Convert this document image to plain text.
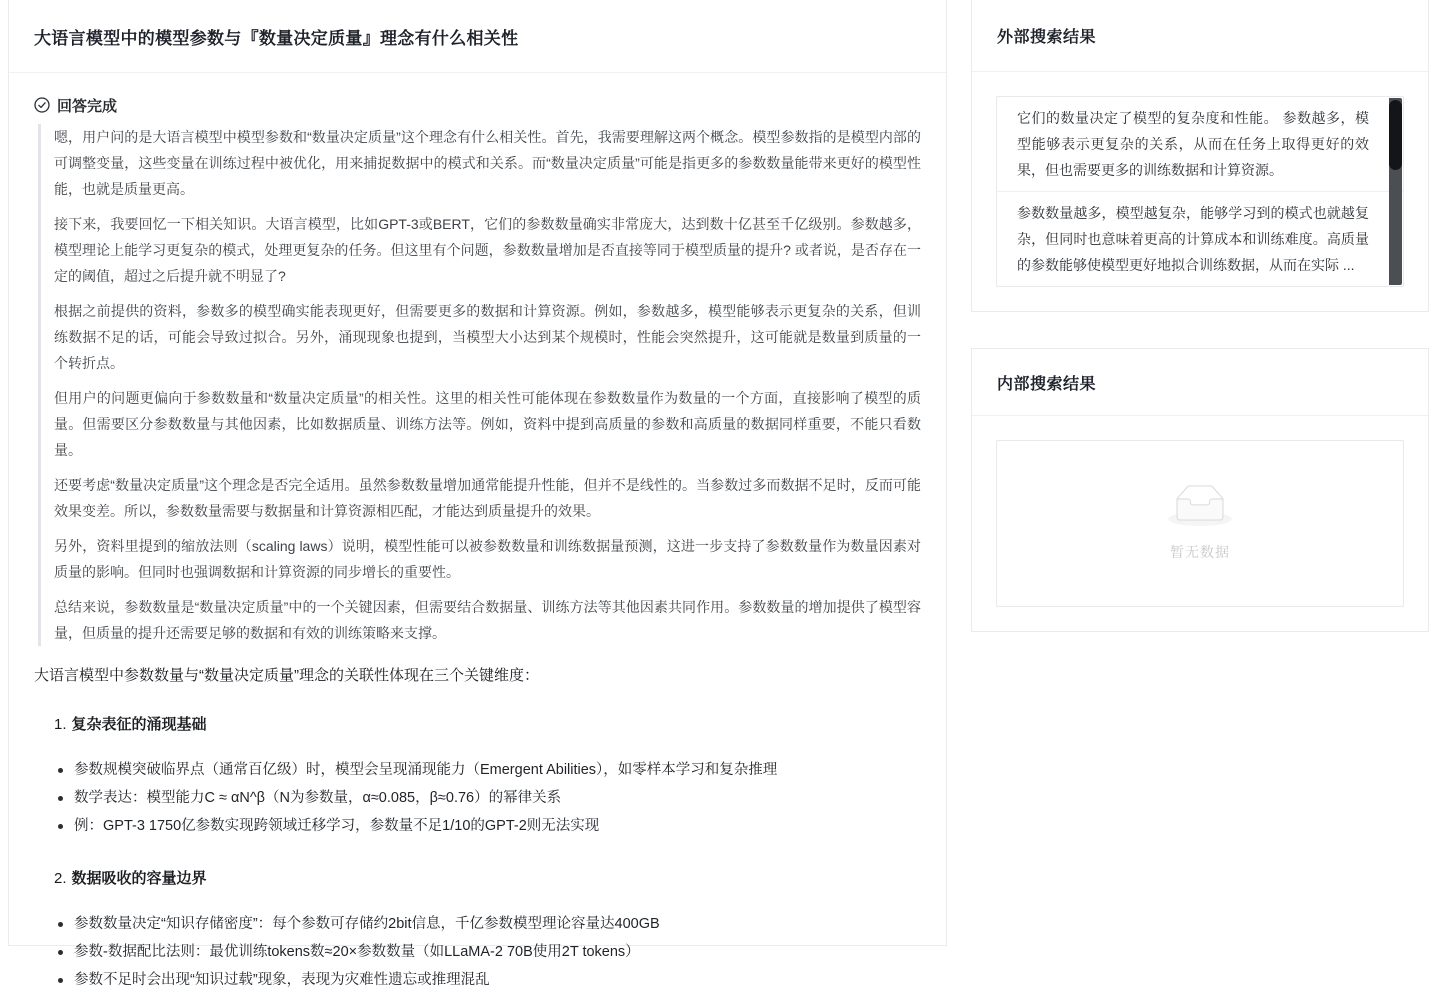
大语言模型中的模型参数与『数量决定质量』理念有什么相关性
回答完成

嗯，用户问的是大语言模型中模型参数和“数量决定质量”这个理念有什么相关性。首先，我需要理解这两个概念。模型参数指的是模型内部的可调整变量，这些变量在训练过程中被优化，用来捕捉数据中的模式和关系。而“数量决定质量”可能是指更多的参数数量能带来更好的模型性能，也就是质量更高。

接下来，我要回忆一下相关知识。大语言模型，比如GPT-3或BERT，它们的参数数量确实非常庞大，达到数十亿甚至千亿级别。参数越多，模型理论上能学习更复杂的模式，处理更复杂的任务。但这里有个问题，参数数量增加是否直接等同于模型质量的提升? 或者说，是否存在一定的阈值，超过之后提升就不明显了?

根据之前提供的资料，参数多的模型确实能表现更好，但需要更多的数据和计算资源。例如，参数越多，模型能够表示更复杂的关系，但训练数据不足的话，可能会导致过拟合。另外，涌现现象也提到，当模型大小达到某个规模时，性能会突然提升，这可能就是数量到质量的一个转折点。

但用户的问题更偏向于参数数量和“数量决定质量”的相关性。这里的相关性可能体现在参数数量作为数量的一个方面，直接影响了模型的质量。但需要区分参数数量与其他因素，比如数据质量、训练方法等。例如，资料中提到高质量的参数和高质量的数据同样重要，不能只看数量。

还要考虑“数量决定质量”这个理念是否完全适用。虽然参数数量增加通常能提升性能，但并不是线性的。当参数过多而数据不足时，反而可能效果变差。所以，参数数量需要与数据量和计算资源相匹配，才能达到质量提升的效果。

另外，资料里提到的缩放法则（scaling laws）说明，模型性能可以被参数数量和训练数据量预测，这进一步支持了参数数量作为数量因素对质量的影响。但同时也强调数据和计算资源的同步增长的重要性。

总结来说，参数数量是“数量决定质量”中的一个关键因素，但需要结合数据量、训练方法等其他因素共同作用。参数数量的增加提供了模型容量，但质量的提升还需要足够的数据和有效的训练策略来支撑。

大语言模型中参数数量与“数量决定质量”理念的关联性体现在三个关键维度：
1. 复杂表征的涌现基础
参数规模突破临界点（通常百亿级）时，模型会呈现涌现能力（Emergent Abilities），如零样本学习和复杂推理
数学表达：模型能力C ≈ αN^β（N为参数量，α≈0.085，β≈0.76）的幂律关系
例：GPT-3 1750亿参数实现跨领域迁移学习，参数量不足1/10的GPT-2则无法实现
2. 数据吸收的容量边界
参数数量决定“知识存储密度”：每个参数可存储约2bit信息，千亿参数模型理论容量达400GB
参数-数据配比法则：最优训练tokens数≈20×参数数量（如LLaMA-2 70B使用2T tokens）
参数不足时会出现“知识过载”现象，表现为灾难性遗忘或推理混乱
外部搜索结果
它们的数量决定了模型的复杂度和性能。 参数越多，模型能够表示更复杂的关系，从而在任务上取得更好的效果，但也需要更多的训练数据和计算资源。
参数数量越多，模型越复杂，能够学习到的模式也就越复杂，但同时也意味着更高的计算成本和训练难度。高质量的参数能够使模型更好地拟合训练数据，从而在实际 ...
内部搜索结果
暂无数据
